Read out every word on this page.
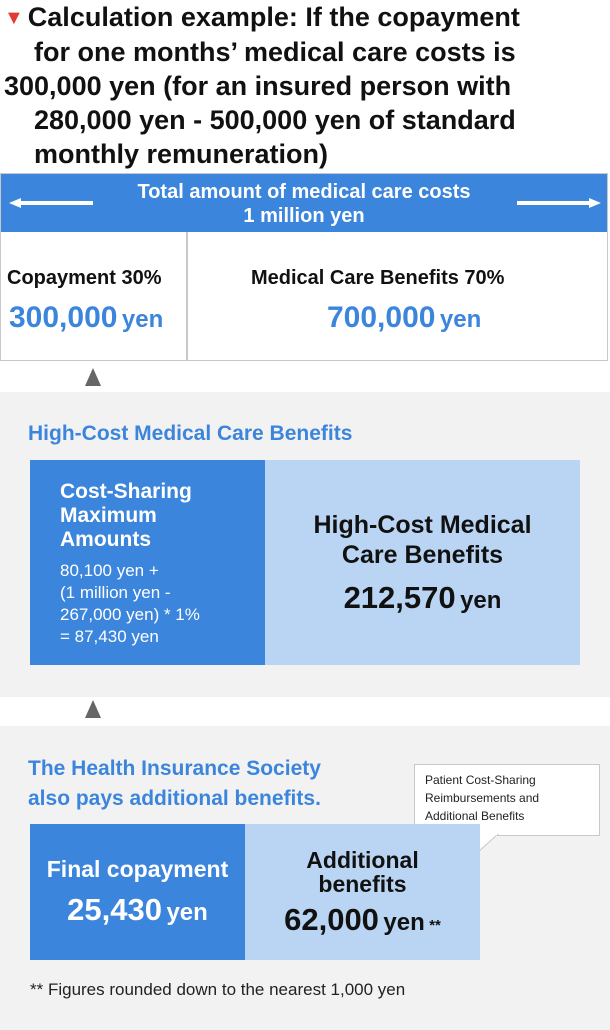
▼ Calculation example: If the copayment
for one months’ medical care costs is
300,000 yen (for an insured person with
280,000 yen - 500,000 yen of standard
monthly remuneration)
Total amount of medical care costs
1 million yen
Copayment 30%
300,000 yen
Medical Care Benefits 70%
700,000 yen
High-Cost Medical Care Benefits
Cost-Sharing
Maximum
Amounts
80,100 yen +
(1 million yen -
267,000 yen) * 1%
= 87,430 yen
High-Cost Medical
Care Benefits
212,570 yen
The Health Insurance Society
also pays additional benefits.
Patient Cost-Sharing
Reimbursements and
Additional Benefits
Final copayment
25,430 yen
Additional
benefits
62,000 yen **
** Figures rounded down to the nearest 1,000 yen
